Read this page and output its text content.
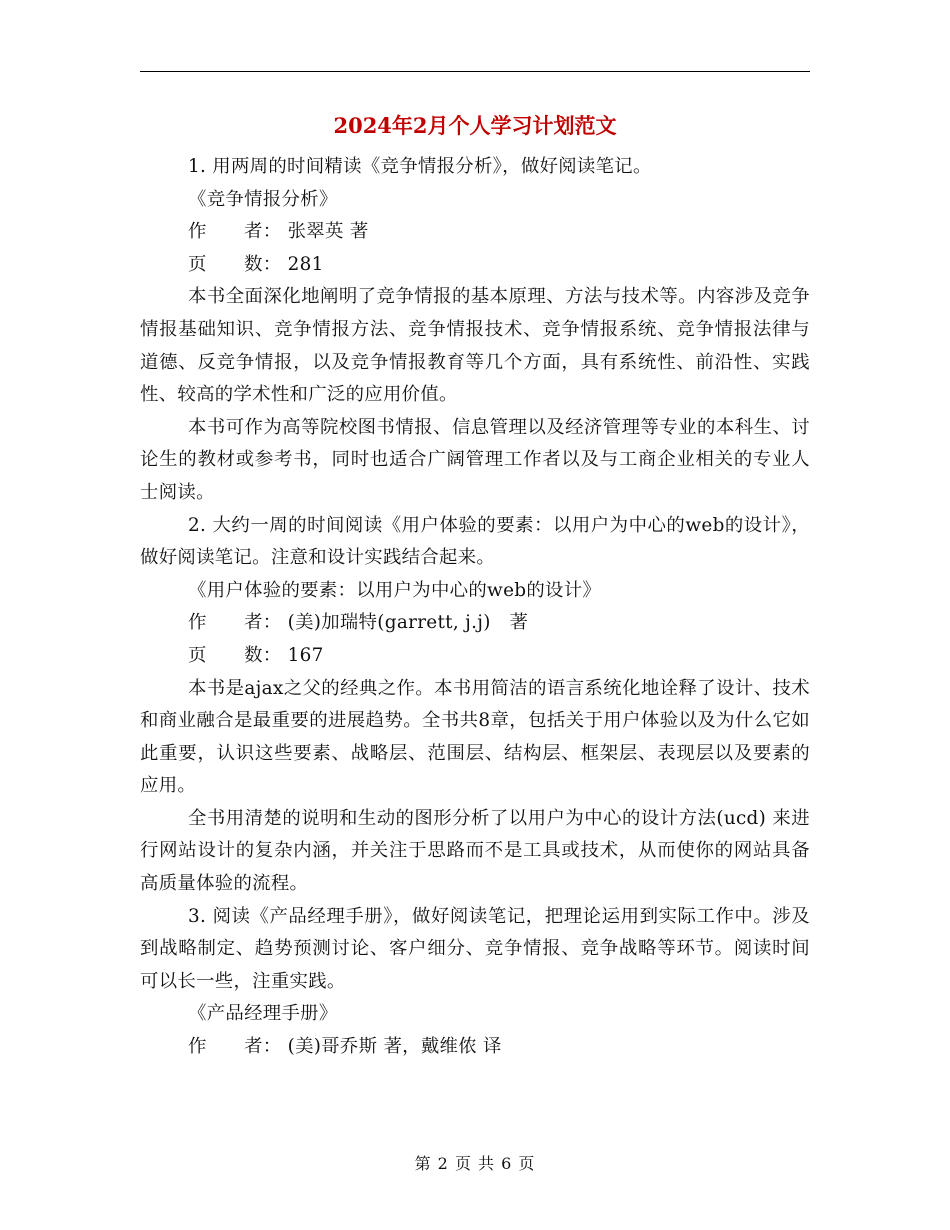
2024年2月个人学习计划范文

1. 用两周的时间精读《竞争情报分析》，做好阅读笔记。

《竞争情报分析》

作　　者： 张翠英 著

页　　数： 281

本书全面深化地阐明了竞争情报的基本原理、方法与技术等。内容涉及竞争情报基础知识、竞争情报方法、竞争情报技术、竞争情报系统、竞争情报法律与道德、反竞争情报，以及竞争情报教育等几个方面，具有系统性、前沿性、实践性、较高的学术性和广泛的应用价值。

本书可作为高等院校图书情报、信息管理以及经济管理等专业的本科生、讨论生的教材或参考书，同时也适合广阔管理工作者以及与工商企业相关的专业人士阅读。

2. 大约一周的时间阅读《用户体验的要素：以用户为中心的web的设计》，做好阅读笔记。注意和设计实践结合起来。

《用户体验的要素：以用户为中心的web的设计》

作　　者： (美)加瑞特(garrett, j.j)　著

页　　数： 167

本书是ajax之父的经典之作。本书用简洁的语言系统化地诠释了设计、技术和商业融合是最重要的进展趋势。全书共8章，包括关于用户体验以及为什么它如此重要，认识这些要素、战略层、范围层、结构层、框架层、表现层以及要素的应用。

全书用清楚的说明和生动的图形分析了以用户为中心的设计方法(ucd) 来进行网站设计的复杂内涵，并关注于思路而不是工具或技术，从而使你的网站具备高质量体验的流程。

3. 阅读《产品经理手册》，做好阅读笔记，把理论运用到实际工作中。涉及到战略制定、趋势预测讨论、客户细分、竞争情报、竞争战略等环节。阅读时间可以长一些，注重实践。

《产品经理手册》

作　　者： (美)哥乔斯 著，戴维侬 译

第 2 页 共 6 页
